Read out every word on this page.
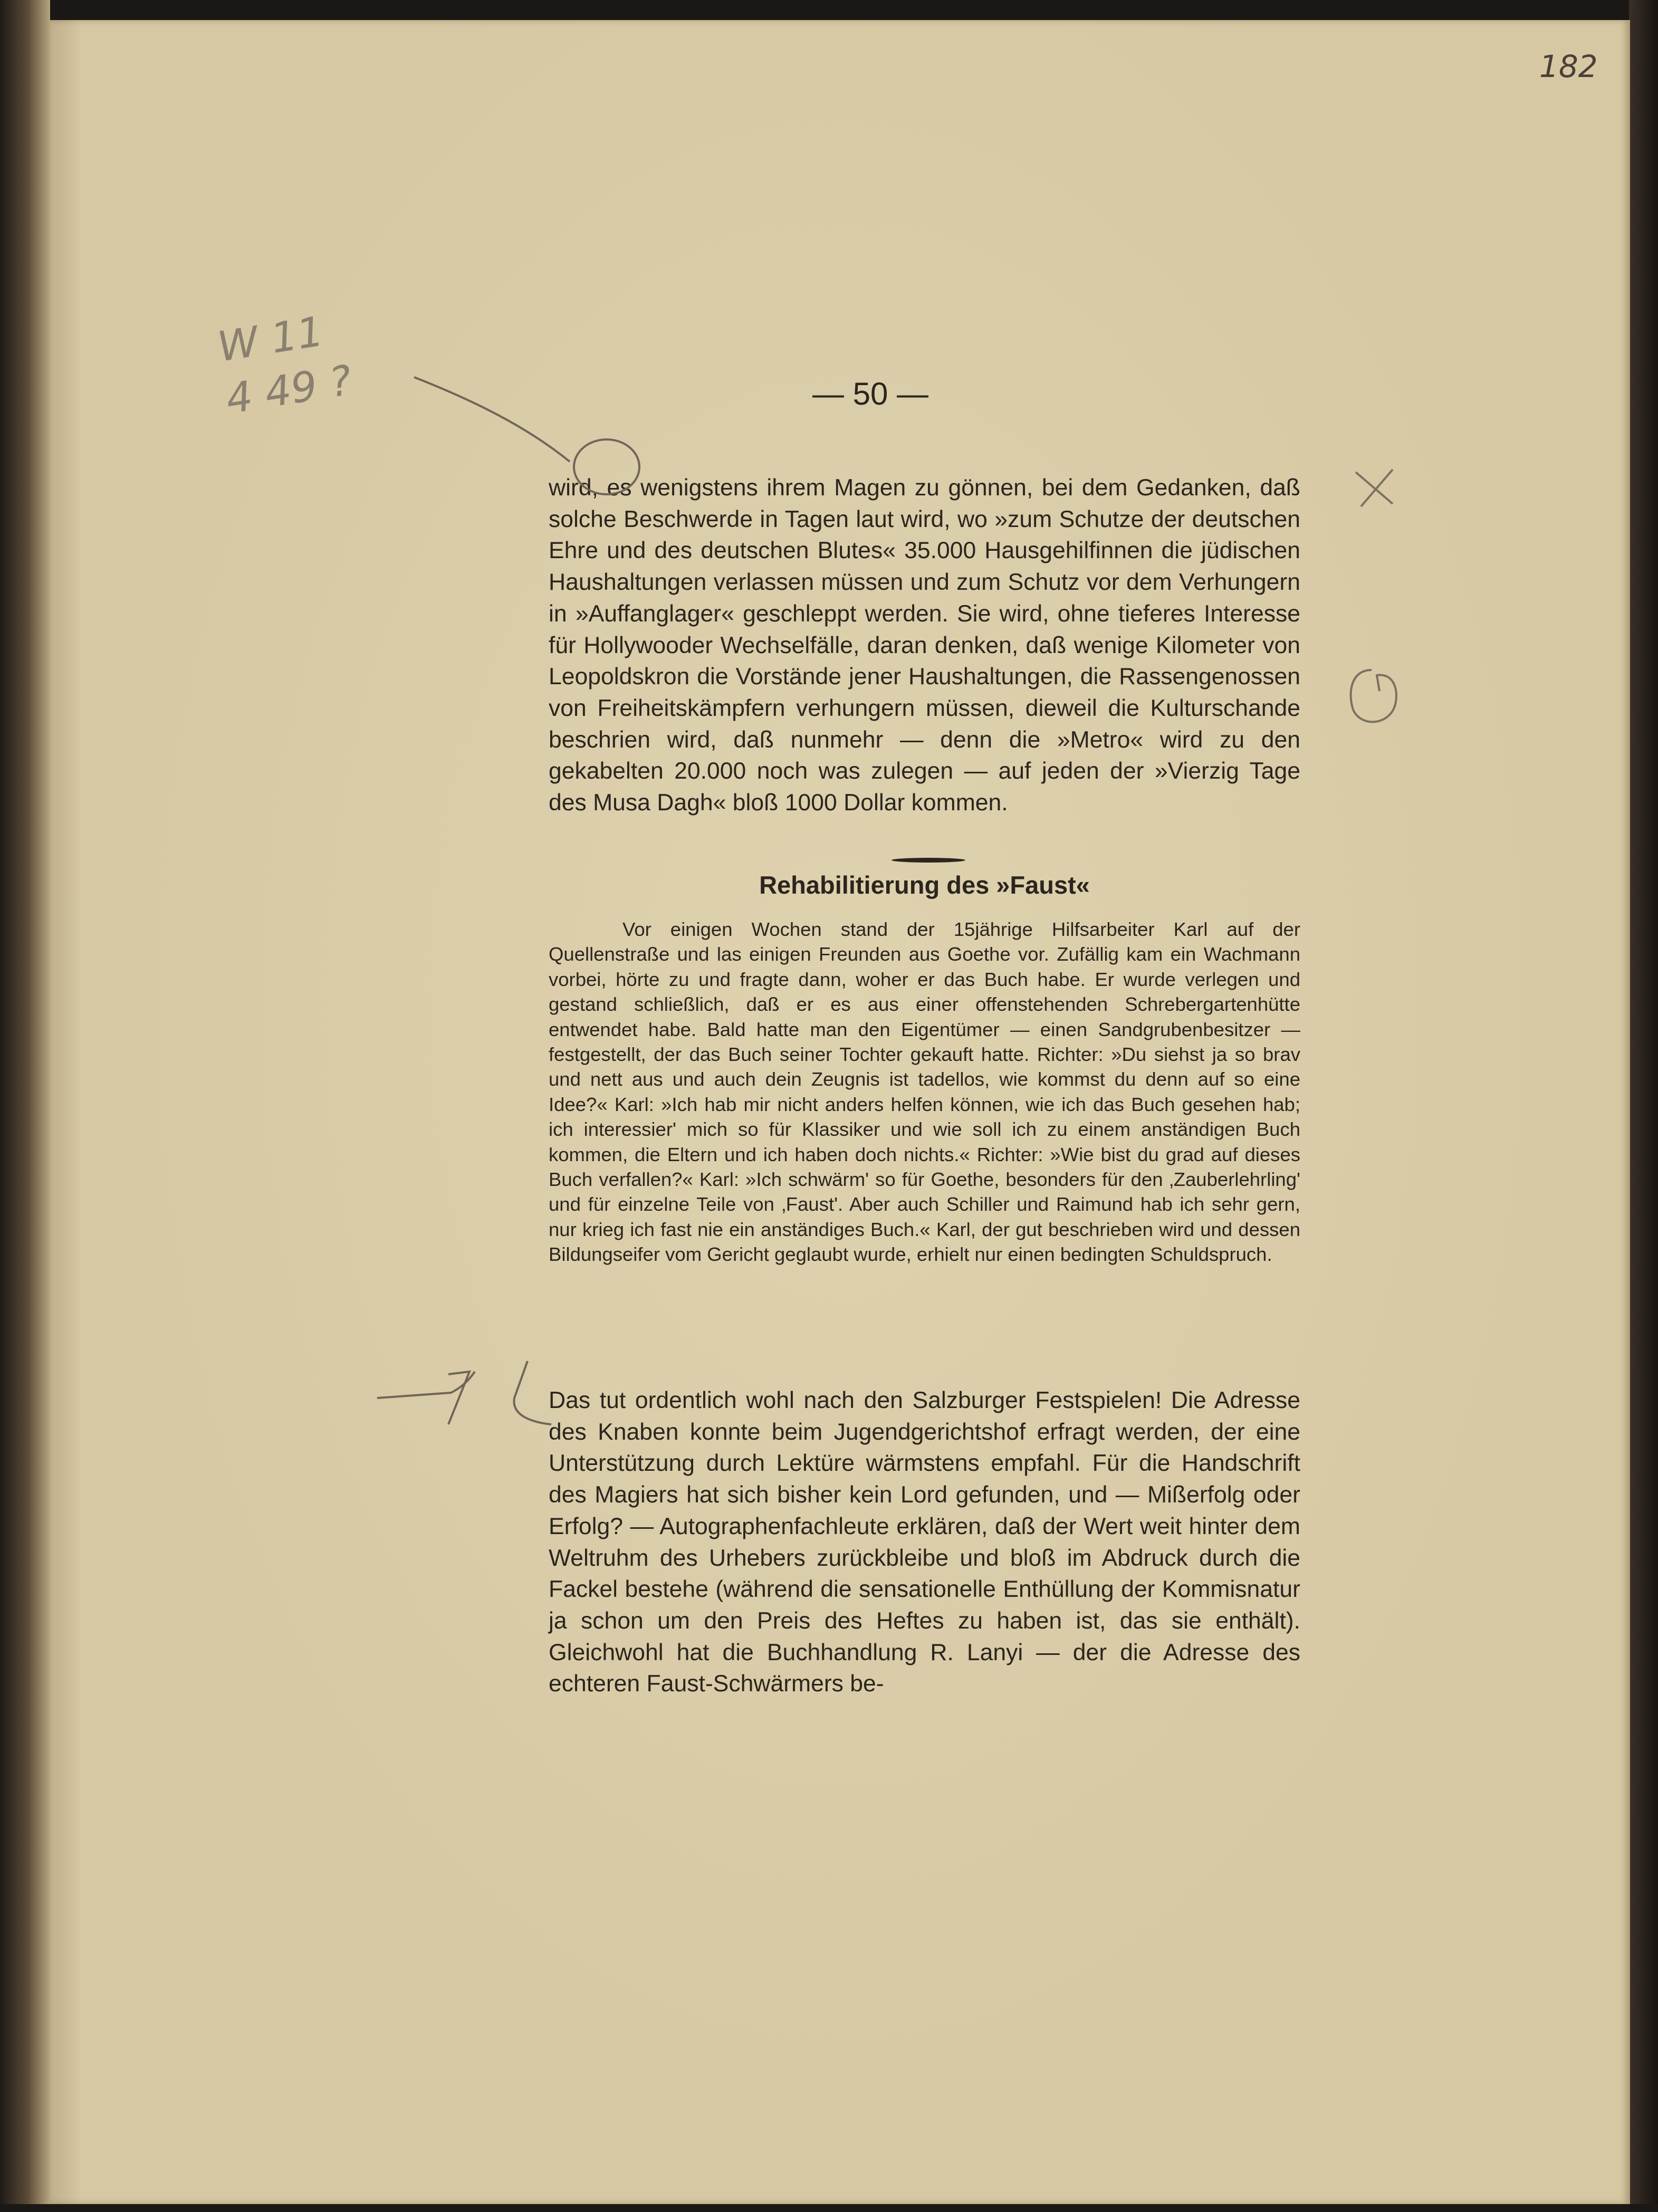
182
W 11
4 49 ?	— 50 —

wird, es wenigstens ihrem Magen zu gönnen, bei dem Gedanken, daß solche Beschwerde in Tagen laut wird, wo »zum Schutze der deutschen Ehre und des deutschen Blutes« 35.000 Hausgehilfinnen die jüdischen Haushaltungen verlassen müssen und zum Schutz vor dem Verhungern in »Auffanglager« geschleppt werden. Sie wird, ohne tieferes Interesse für Hollywooder Wechselfälle, daran denken, daß wenige Kilometer von Leopoldskron die Vorstände jener Haushaltungen, die Rassengenossen von Freiheitskämpfern verhungern müssen, dieweil die Kulturschande beschrien wird, daß nunmehr — denn die »Metro« wird zu den gekabelten 20.000 noch was zulegen — auf jeden der »Vierzig Tage des Musa Dagh« bloß 1000 Dollar kommen.

Rehabilitierung des »Faust«

Vor einigen Wochen stand der 15jährige Hilfsarbeiter Karl auf der Quellenstraße und las einigen Freunden aus Goethe vor. Zufällig kam ein Wachmann vorbei, hörte zu und fragte dann, woher er das Buch habe. Er wurde verlegen und gestand schließlich, daß er es aus einer offenstehenden Schrebergartenhütte entwendet habe. Bald hatte man den Eigentümer — einen Sandgrubenbesitzer — festgestellt, der das Buch seiner Tochter gekauft hatte. Richter: »Du siehst ja so brav und nett aus und auch dein Zeugnis ist tadellos, wie kommst du denn auf so eine Idee?« Karl: »Ich hab mir nicht anders helfen können, wie ich das Buch gesehen hab; ich interessier' mich so für Klassiker und wie soll ich zu einem anständigen Buch kommen, die Eltern und ich haben doch nichts.« Richter: »Wie bist du grad auf dieses Buch verfallen?« Karl: »Ich schwärm' so für Goethe, besonders für den ‚Zauberlehrling' und für einzelne Teile von ‚Faust'. Aber auch Schiller und Raimund hab ich sehr gern, nur krieg ich fast nie ein anständiges Buch.« Karl, der gut beschrieben wird und dessen Bildungseifer vom Gericht geglaubt wurde, erhielt nur einen bedingten Schuldspruch.

Das tut ordentlich wohl nach den Salzburger Festspielen! Die Adresse des Knaben konnte beim Jugendgerichtshof erfragt werden, der eine Unterstützung durch Lektüre wärmstens empfahl. Für die Handschrift des Magiers hat sich bisher kein Lord gefunden, und — Mißerfolg oder Erfolg? — Autographenfachleute erklären, daß der Wert weit hinter dem Weltruhm des Urhebers zurückbleibe und bloß im Abdruck durch die Fackel bestehe (während die sensationelle Enthüllung der Kommisnatur ja schon um den Preis des Heftes zu haben ist, das sie enthält). Gleichwohl hat die Buchhandlung R. Lanyi — der die Adresse des echteren Faust-Schwärmers be-
